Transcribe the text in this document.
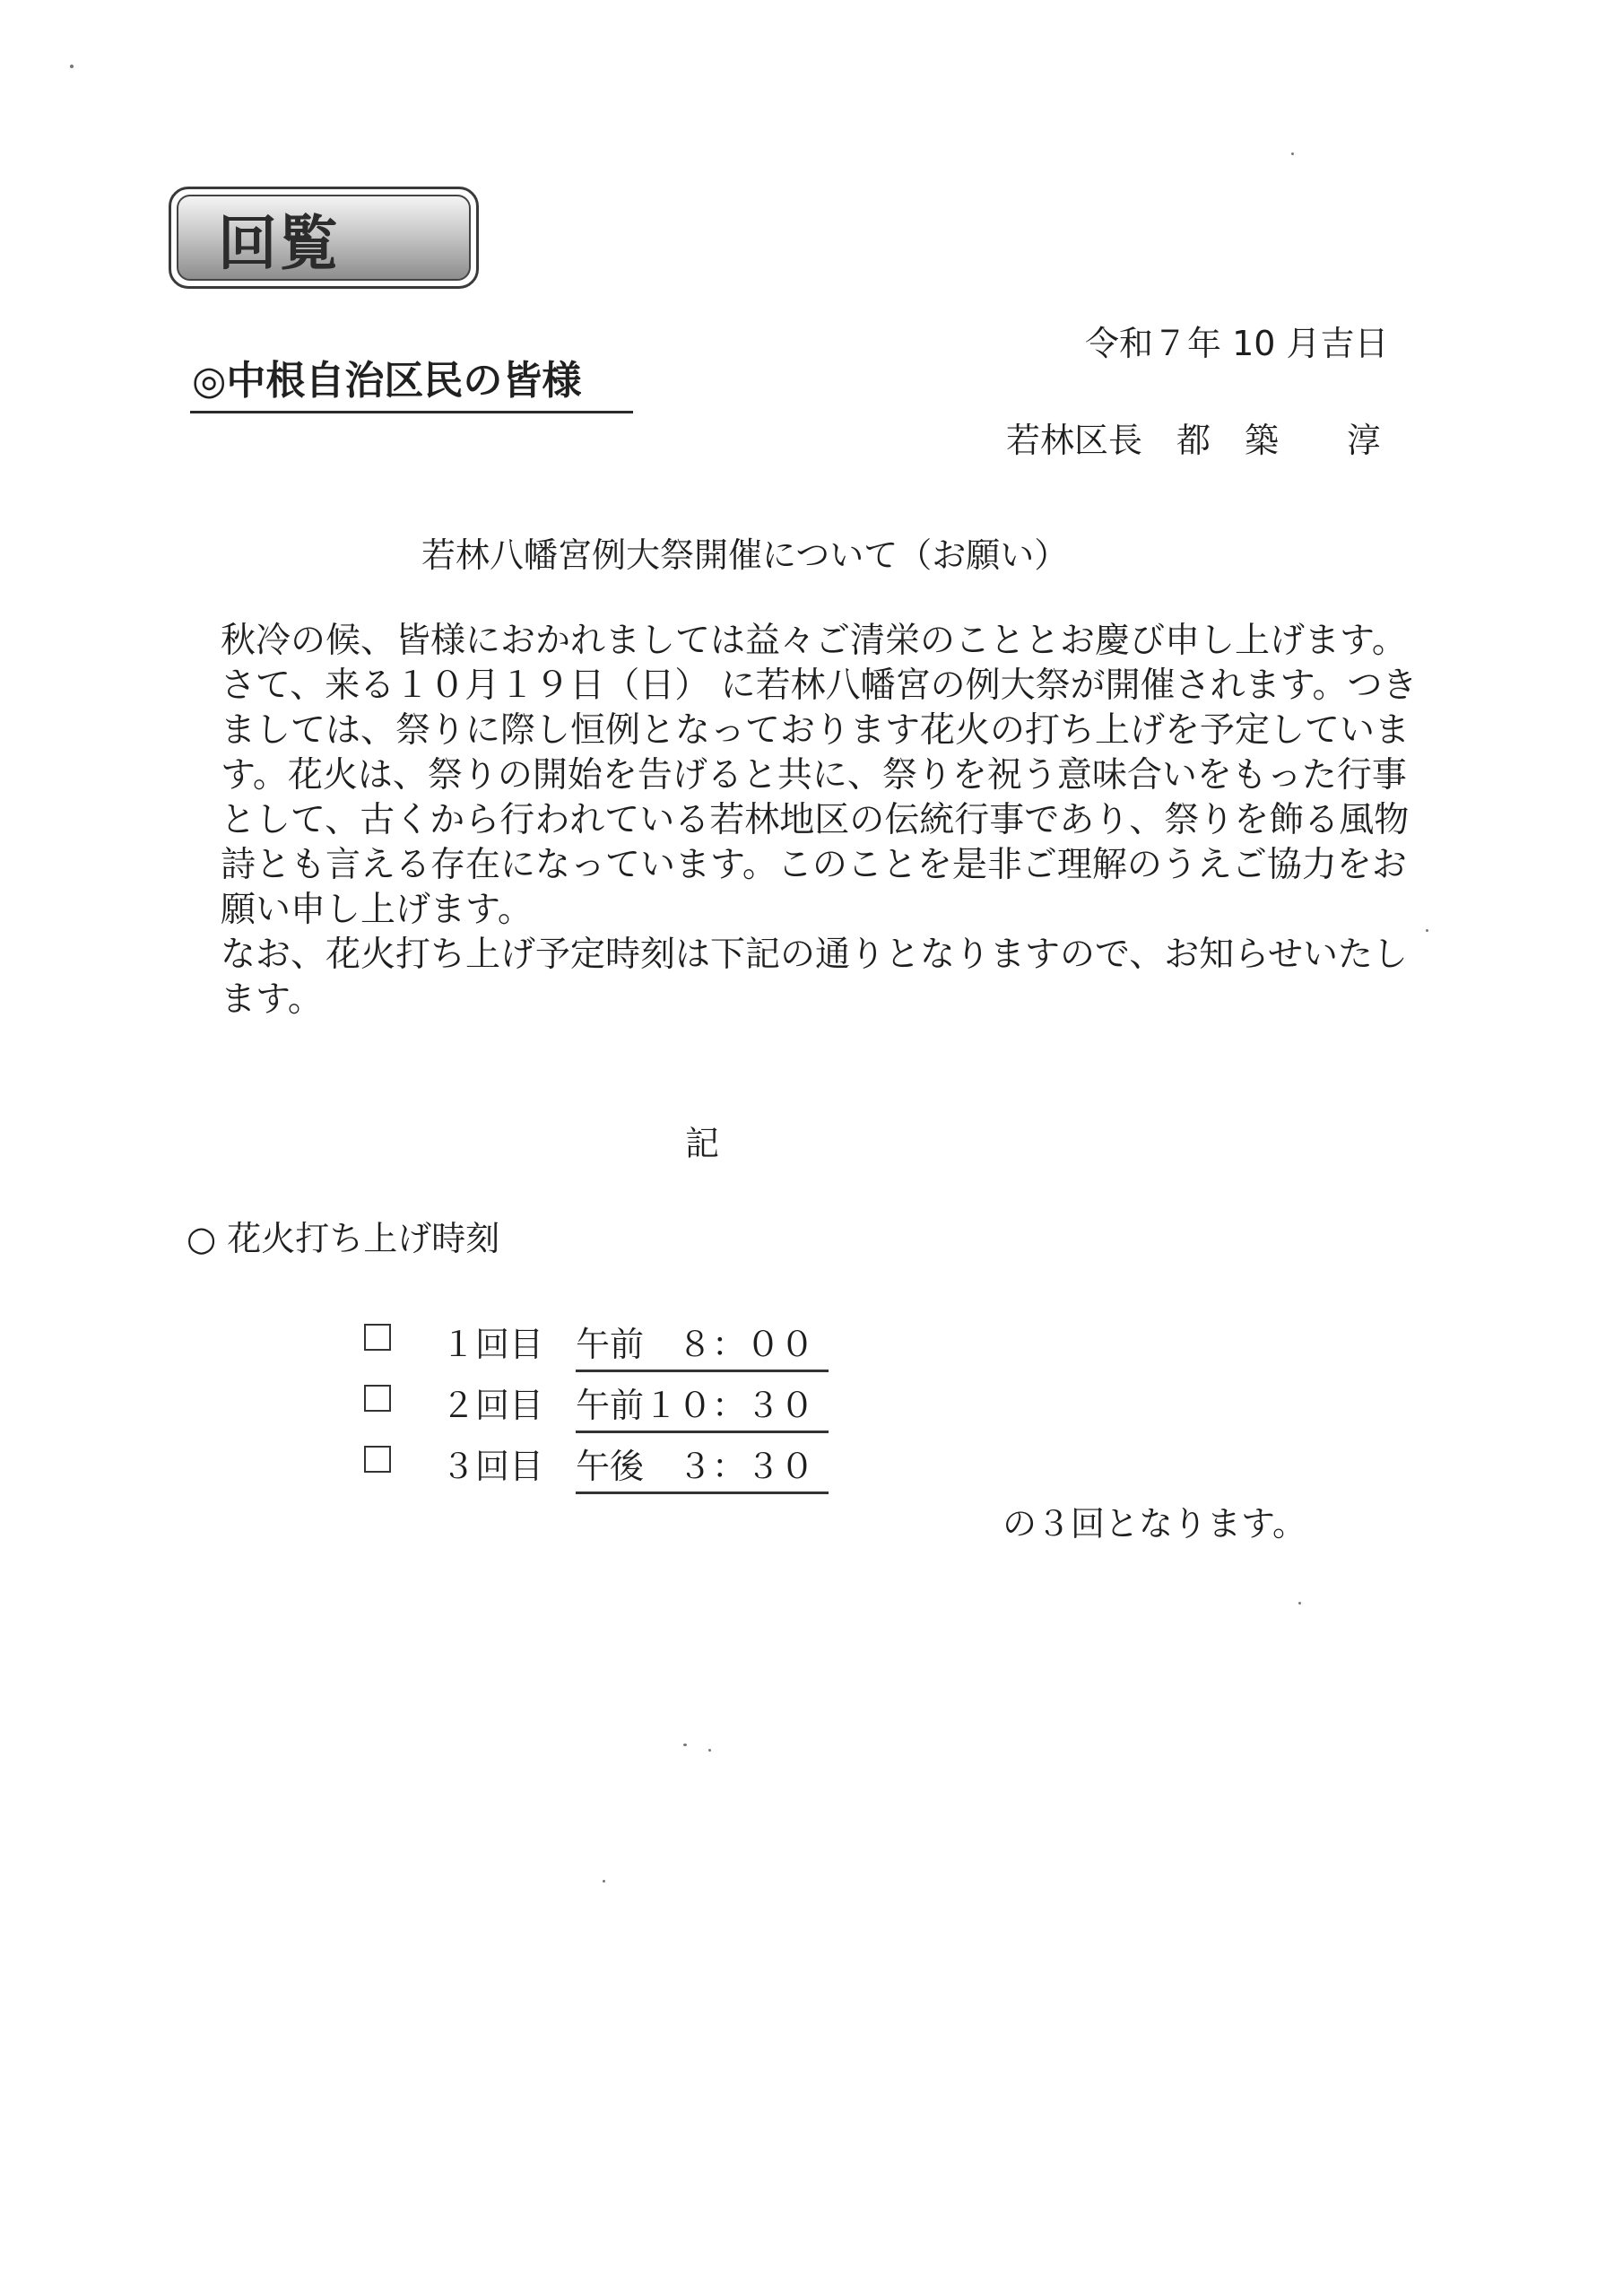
回覧
◎中根自治区民の皆様
令和７年 10 月吉日
若林区長　都　築　　淳
若林八幡宮例大祭開催について（お願い）

秋冷の候、皆様におかれましては益々ご清栄のこととお慶び申し上げます。

さて、来る１０月１９日（日） に若林八幡宮の例大祭が開催されます。つきましては、祭りに際し恒例となっております花火の打ち上げを予定しています。花火は、祭りの開始を告げると共に、祭りを祝う意味合いをもった行事として、古くから行われている若林地区の伝統行事であり、祭りを飾る風物詩とも言える存在になっています。このことを是非ご理解のうえご協力をお願い申し上げます。

なお、花火打ち上げ予定時刻は下記の通りとなりますので、お知らせいたします。

記
○ 花火打ち上げ時刻
１回目 午前　８：００
２回目 午前１０：３０
３回目 午後　３：３０
の３回となります。
